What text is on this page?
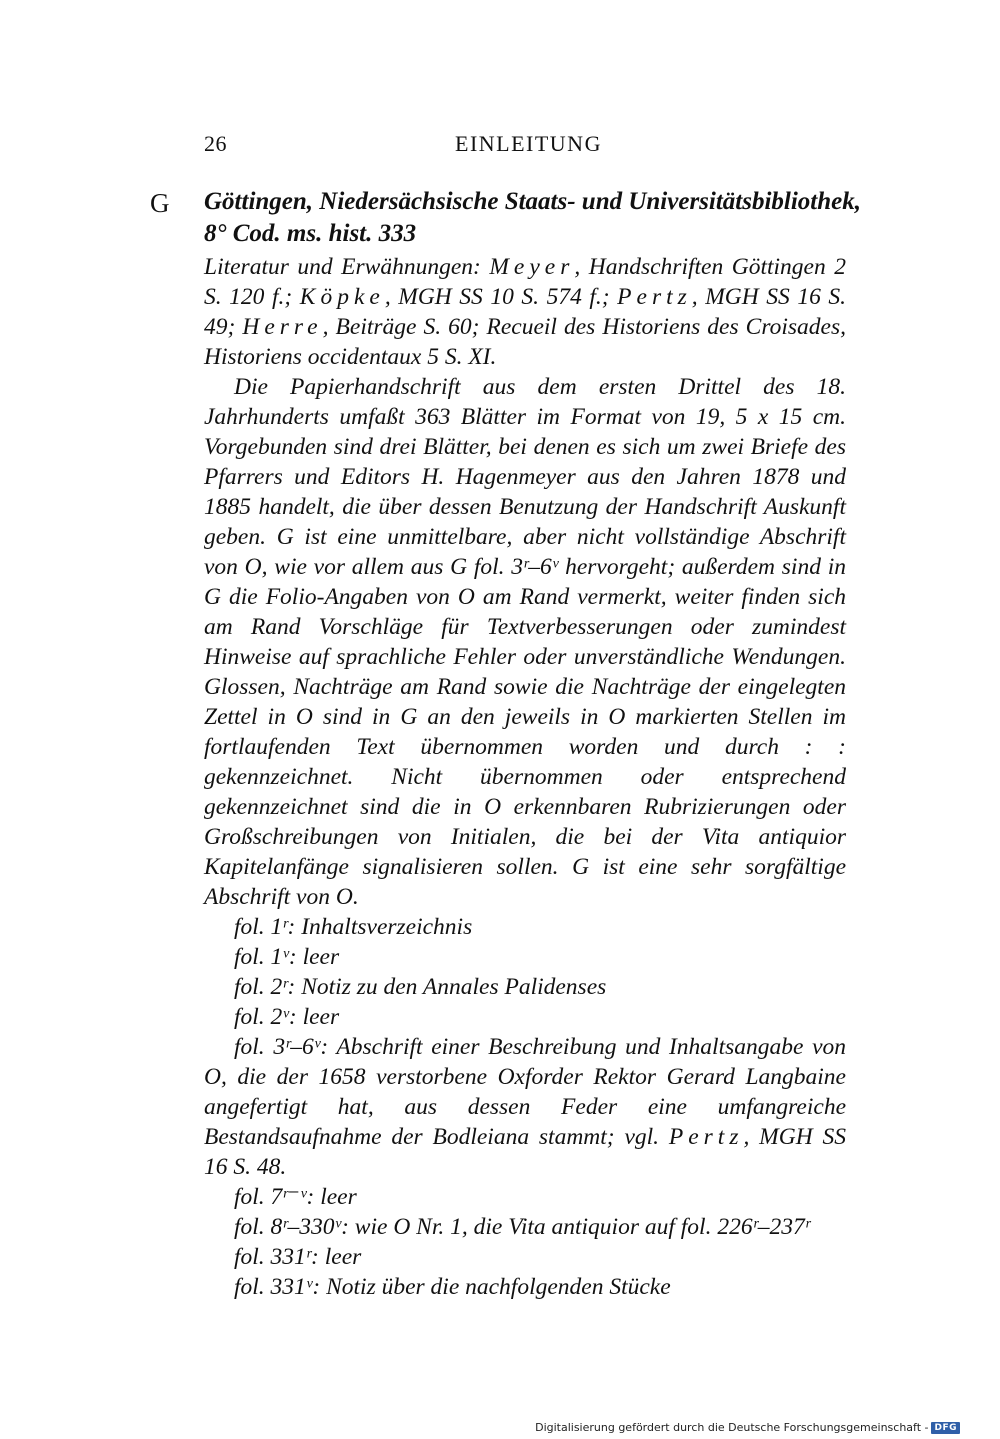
26	EINLEITUNG
G Göttingen, Niedersächsische Staats- und Universitätsbibliothek,

8° Cod. ms. hist. 333

Literatur und Erwähnungen: Meyer, Handschriften Göttingen 2 S. 120 f.; Köpke, MGH SS 10 S. 574 f.; Pertz, MGH SS 16 S. 49; Herre, Beiträge S. 60; Recueil des Historiens des Croisades, Historiens occidentaux 5 S. XI.

Die Papierhandschrift aus dem ersten Drittel des 18. Jahrhunderts umfaßt 363 Blätter im Format von 19, 5 x 15 cm. Vorgebunden sind drei Blätter, bei denen es sich um zwei Briefe des Pfarrers und Editors H. Hagenmeyer aus den Jahren 1878 und 1885 handelt, die über dessen Benutzung der Handschrift Auskunft geben. G ist eine unmittelbare, aber nicht vollständige Abschrift von O, wie vor allem aus G fol. 3ʳ–6ᵛ hervorgeht; außerdem sind in G die Folio-Angaben von O am Rand vermerkt, weiter finden sich am Rand Vorschläge für Textverbesserungen oder zumindest Hinweise auf sprachliche Fehler oder unverständliche Wendungen. Glossen, Nachträge am Rand sowie die Nachträge der eingelegten Zettel in O sind in G an den jeweils in O markierten Stellen im fortlaufenden Text übernommen worden und durch : : gekennzeichnet. Nicht übernommen oder entsprechend gekennzeichnet sind die in O erkennbaren Rubrizierungen oder Großschreibungen von Initialen, die bei der Vita antiquior Kapitelanfänge signalisieren sollen. G ist eine sehr sorgfältige Abschrift von O.

fol. 1ʳ: Inhaltsverzeichnis

fol. 1ᵛ: leer

fol. 2ʳ: Notiz zu den Annales Palidenses

fol. 2ᵛ: leer

fol. 3ʳ–6ᵛ: Abschrift einer Beschreibung und Inhaltsangabe von O, die der 1658 verstorbene Oxforder Rektor Gerard Langbaine angefertigt hat, aus dessen Feder eine umfangreiche Bestandsaufnahme der Bodleiana stammt; vgl. Pertz, MGH SS 16 S. 48.

fol. 7ʳ⁻ᵛ: leer

fol. 8ʳ–330ᵛ: wie O Nr. 1, die Vita antiquior auf fol. 226ʳ–237ʳ

fol. 331ʳ: leer

fol. 331ᵛ: Notiz über die nachfolgenden Stücke

Digitalisierung gefördert durch die Deutsche Forschungsgemeinschaft - DFG
